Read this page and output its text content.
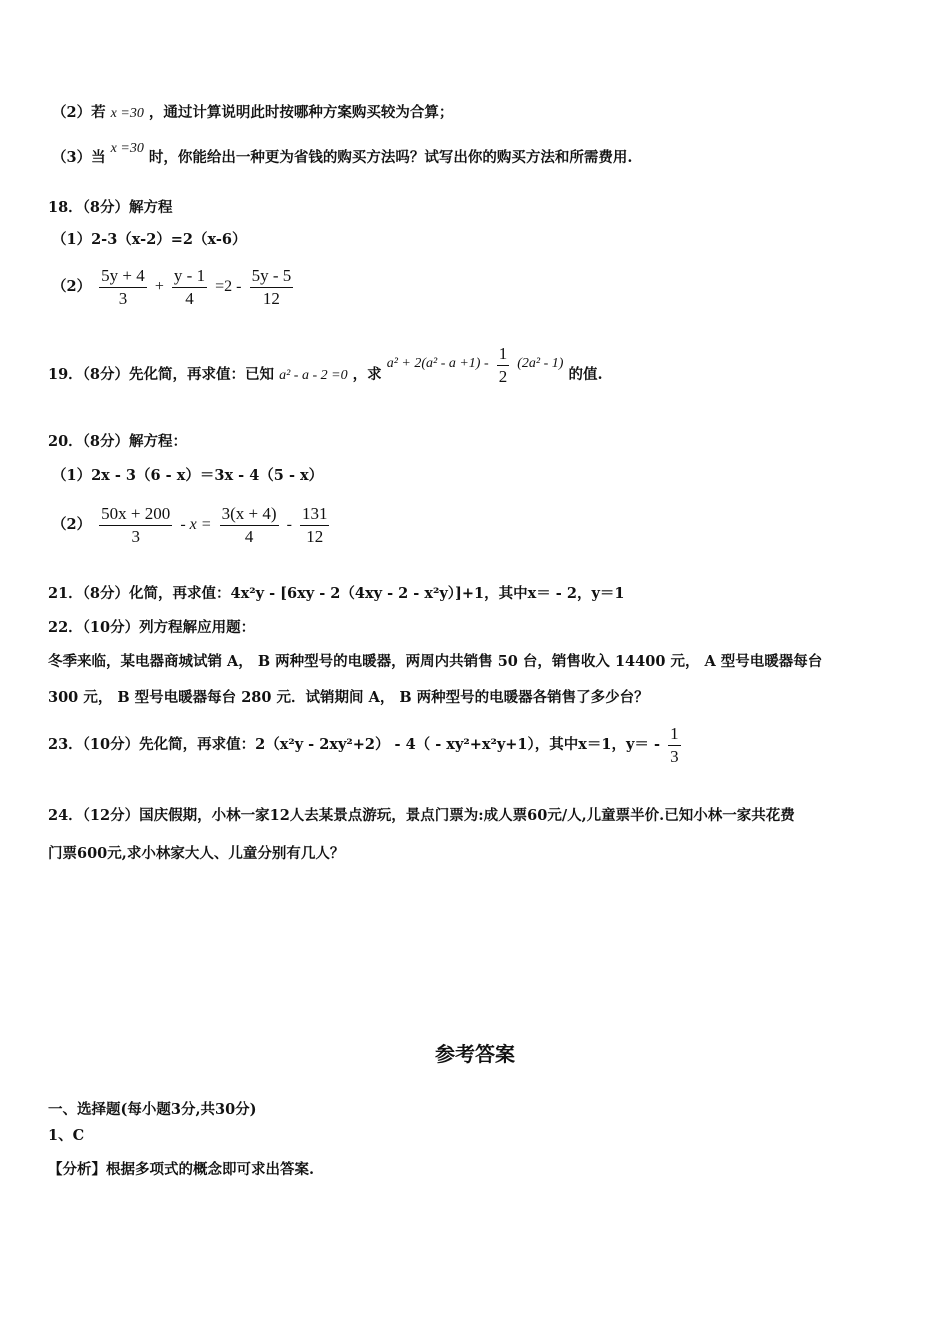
（2）若 x =30 ，通过计算说明此时按哪种方案购买较为合算；
（3）当 x =30 时，你能给出一种更为省钱的购买方法吗？试写出你的购买方法和所需费用.
18．（8分）解方程
（1）2-3（x-2）=2（x-6）
$(2) \frac{5y + 4}{3} + \frac{y - 1}{4} =2 - \frac{5y - 5}{12}$
19．（8分）先化简，再求值：已知 a² - a - 2 =0 ，求 $a^2 + 2(a^2 - a +1) - \frac{1}{2} (2a^2 - 1)$ 的值.
20．（8分）解方程：
（1）2x - 3（6 - x）＝3x - 4（5 - x）
$(2) \frac{50x + 200}{3} - x = \frac{3(x + 4)}{4} - \frac{131}{12}$
21．（8分）化简，再求值：4x²y - [6xy - 2（4xy - 2 - x²y）]+1，其中x＝ - 2，y＝1
22．（10分）列方程解应用题：
冬季来临，某电器商城试销 A， B 两种型号的电暖器，两周内共销售 50 台，销售收入 14400 元， A 型号电暖器每台
300 元， B 型号电暖器每台 280 元．试销期间 A， B 两种型号的电暖器各销售了多少台？
23．（10分）先化简，再求值：2（x²y - 2xy²+2） - 4（ - xy²+x²y+1），其中x＝1，$y= - \frac{1}{3}$
24．（12分）国庆假期，小林一家12人去某景点游玩，景点门票为:成人票60元/人,儿童票半价.已知小林一家共花费
门票600元,求小林家大人、儿童分别有几人？
参考答案
一、选择题(每小题3分,共30分)
1、C
【分析】根据多项式的概念即可求出答案.
